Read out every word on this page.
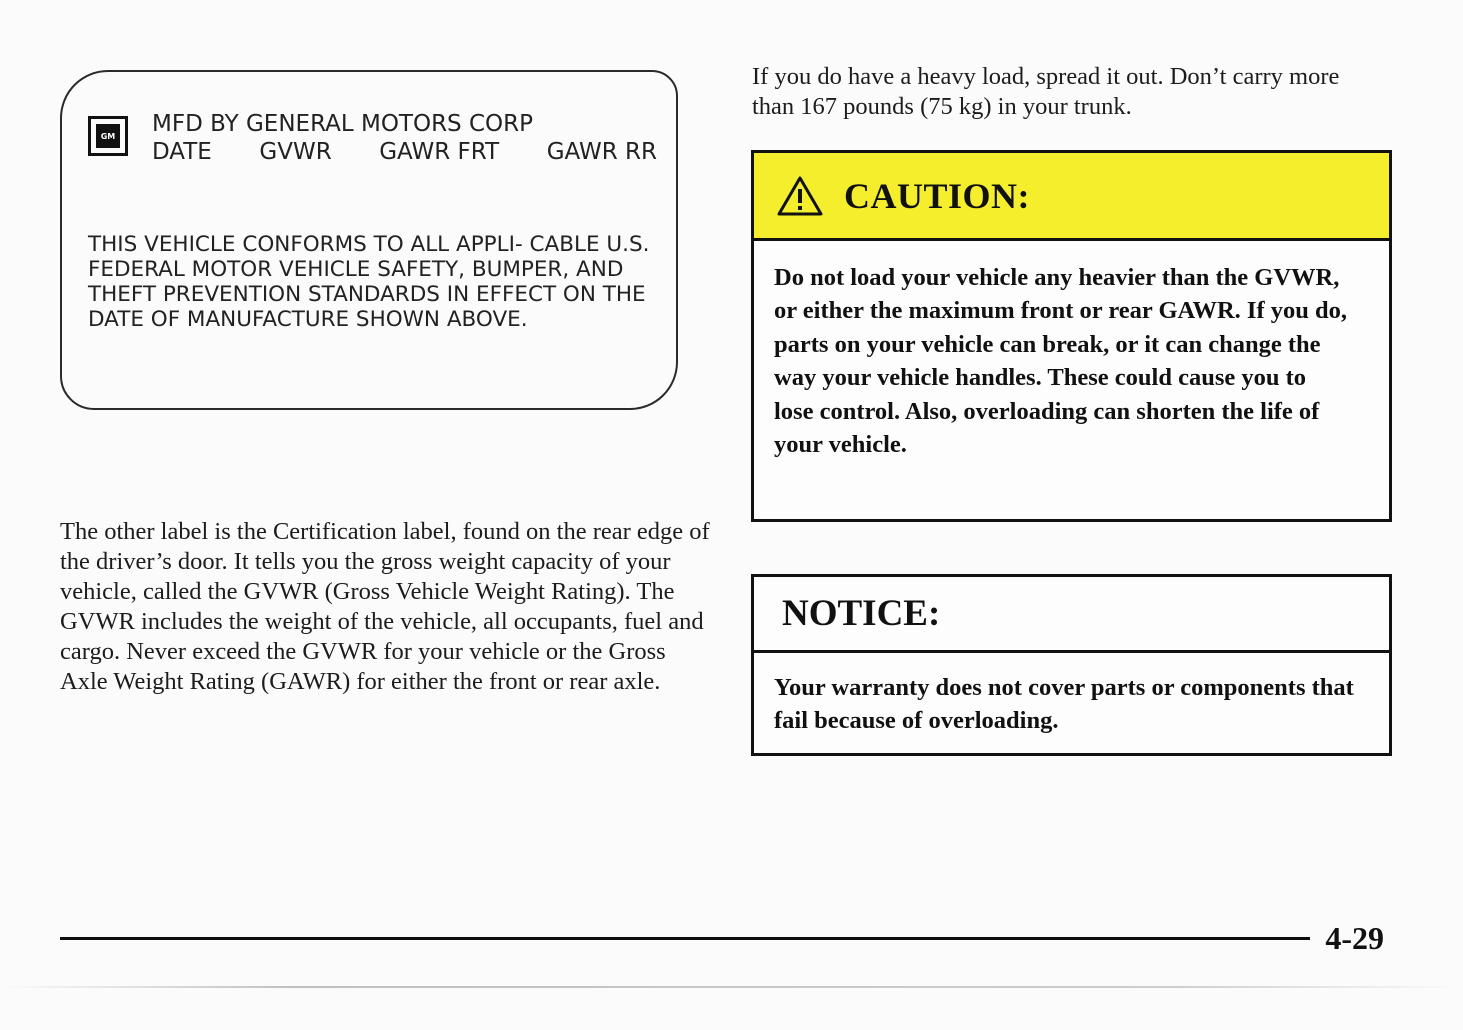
GM MFD BY GENERAL MOTORS CORP
DATE GVWR GAWR FRT GAWR RR

THIS VEHICLE CONFORMS TO ALL APPLI- CABLE U.S. FEDERAL MOTOR VEHICLE SAFETY, BUMPER, AND THEFT PREVENTION STANDARDS IN EFFECT ON THE DATE OF MANUFACTURE SHOWN ABOVE.

The other label is the Certification label, found on the rear edge of the driver’s door. It tells you the gross weight capacity of your vehicle, called the GVWR (Gross Vehicle Weight Rating). The GVWR includes the weight of the vehicle, all occupants, fuel and cargo. Never exceed the GVWR for your vehicle or the Gross Axle Weight Rating (GAWR) for either the front or rear axle.

If you do have a heavy load, spread it out. Don’t carry more than 167 pounds (75 kg) in your trunk.

CAUTION:

Do not load your vehicle any heavier than the GVWR, or either the maximum front or rear GAWR. If you do, parts on your vehicle can break, or it can change the way your vehicle handles. These could cause you to lose control. Also, overloading can shorten the life of your vehicle.

NOTICE:

Your warranty does not cover parts or components that fail because of overloading.

4-29
